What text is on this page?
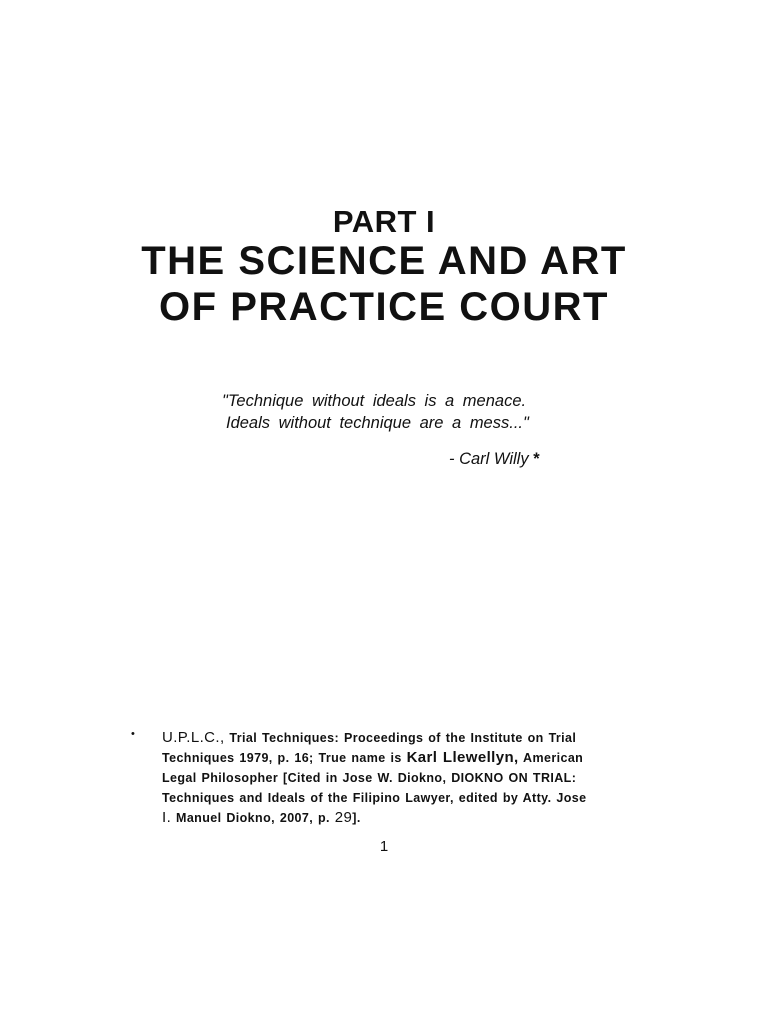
PART I
THE SCIENCE AND ART
OF PRACTICE COURT
"Technique without ideals is a menace.
Ideals without technique are a mess..."
- Carl Willy *
• U.P.L.C., Trial Techniques: Proceedings of the Institute on Trial
Techniques 1979, p. 16; True name is Karl Llewellyn, American
Legal Philosopher [Cited in Jose W. Diokno, DIOKNO ON TRIAL:
Techniques and Ideals of the Filipino Lawyer, edited by Atty. Jose
I. Manuel Diokno, 2007, p. 29].
1
